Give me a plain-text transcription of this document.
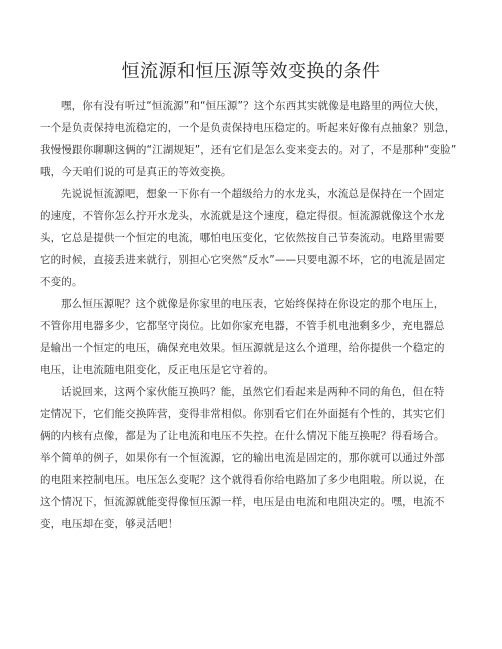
恒流源和恒压源等效变换的条件
嘿，你有没有听过“恒流源”和“恒压源”？这个东西其实就像是电路里的两位大侠，
一个是负责保持电流稳定的，一个是负责保持电压稳定的。听起来好像有点抽象？别急，
我慢慢跟你聊聊这俩的“江湖规矩”，还有它们是怎么变来变去的。对了，不是那种“变脸”
哦，今天咱们说的可是真正的等效变换。
先说说恒流源吧，想象一下你有一个超级给力的水龙头，水流总是保持在一个固定
的速度，不管你怎么拧开水龙头，水流就是这个速度，稳定得很。恒流源就像这个水龙
头，它总是提供一个恒定的电流，哪怕电压变化，它依然按自己节奏流动。电路里需要
它的时候，直接丢进来就行，别担心它突然“反水”——只要电源不坏，它的电流是固定
不变的。
那么恒压源呢？这个就像是你家里的电压表，它始终保持在你设定的那个电压上，
不管你用电器多少，它都坚守岗位。比如你家充电器，不管手机电池剩多少，充电器总
是输出一个恒定的电压，确保充电效果。恒压源就是这么个道理，给你提供一个稳定的
电压，让电流随电阻变化，反正电压是它守着的。
话说回来，这两个家伙能互换吗？能，虽然它们看起来是两种不同的角色，但在特
定情况下，它们能交换阵营，变得非常相似。你别看它们在外面挺有个性的，其实它们
俩的内核有点像，都是为了让电流和电压不失控。在什么情况下能互换呢？得看场合。
举个简单的例子，如果你有一个恒流源，它的输出电流是固定的，那你就可以通过外部
的电阻来控制电压。电压怎么变呢？这个就得看你给电路加了多少电阻啦。所以说，在
这个情况下，恒流源就能变得像恒压源一样，电压是由电流和电阻决定的。嘿，电流不
变，电压却在变，够灵活吧！
